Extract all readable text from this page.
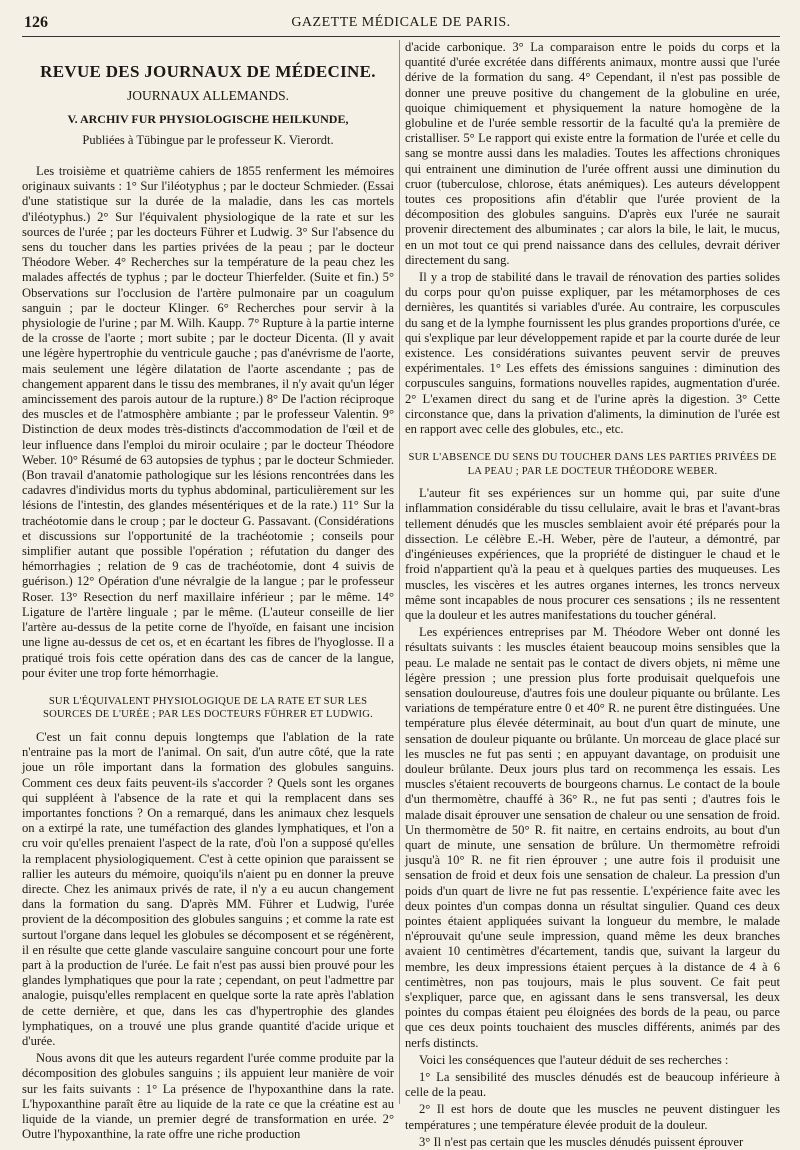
126	GAZETTE MÉDICALE DE PARIS.
REVUE DES JOURNAUX DE MÉDECINE.
JOURNAUX ALLEMANDS.
V. ARCHIV FUR PHYSIOLOGISCHE HEILKUNDE,
Publiées à Tübingue par le professeur K. Vierordt.

Les troisième et quatrième cahiers de 1855 renferment les mémoires originaux suivants : 1° Sur l'iléotyphus ; par le docteur Schmieder. (Essai d'une statistique sur la durée de la maladie, dans les cas mortels d'iléotyphus.) 2° Sur l'équivalent physiologique de la rate et sur les sources de l'urée ; par les docteurs Führer et Ludwig. 3° Sur l'absence du sens du toucher dans les parties privées de la peau ; par le docteur Théodore Weber. 4° Recherches sur la température de la peau chez les malades affectés de typhus ; par le docteur Thierfelder. (Suite et fin.) 5° Observations sur l'occlusion de l'artère pulmonaire par un coagulum sanguin ; par le docteur Klinger. 6° Recherches pour servir à la physiologie de l'urine ; par M. Wilh. Kaupp. 7° Rupture à la partie interne de la crosse de l'aorte ; mort subite ; par le docteur Dicenta. (Il y avait une légère hypertrophie du ventricule gauche ; pas d'anévrisme de l'aorte, mais seulement une légère dilatation de l'aorte ascendante ; pas de changement apparent dans le tissu des membranes, il n'y avait qu'un léger amincissement des parois autour de la rupture.) 8° De l'action réciproque des muscles et de l'atmosphère ambiante ; par le professeur Valentin. 9° Distinction de deux modes très-distincts d'accommodation de l'œil et de leur influence dans l'emploi du miroir oculaire ; par le docteur Théodore Weber. 10° Résumé de 63 autopsies de typhus ; par le docteur Schmieder. (Bon travail d'anatomie pathologique sur les lésions rencontrées dans les cadavres d'individus morts du typhus abdominal, particulièrement sur les lésions de l'intestin, des glandes mésentériques et de la rate.) 11° Sur la trachéotomie dans le croup ; par le docteur G. Passavant. (Considérations et discussions sur l'opportunité de la trachéotomie ; conseils pour simplifier autant que possible l'opération ; réfutation du danger des hémorrhagies ; relation de 9 cas de trachéotomie, dont 4 suivis de guérison.) 12° Opération d'une névralgie de la langue ; par le professeur Roser. 13° Resection du nerf maxillaire inférieur ; par le même. 14° Ligature de l'artère linguale ; par le même. (L'auteur conseille de lier l'artère au-dessus de la petite corne de l'hyoïde, en faisant une incision une ligne au-dessus de cet os, et en écartant les fibres de l'hyoglosse. Il a pratiqué trois fois cette opération dans des cas de cancer de la langue, pour éviter une trop forte hémorrhagie.

SUR L'ÉQUIVALENT PHYSIOLOGIQUE DE LA RATE ET SUR LES SOURCES DE L'URÉE ; PAR LES DOCTEURS FÜHRER ET LUDWIG.

C'est un fait connu depuis longtemps que l'ablation de la rate n'entraine pas la mort de l'animal. On sait, d'un autre côté, que la rate joue un rôle important dans la formation des globules sanguins. Comment ces deux faits peuvent-ils s'accorder ? Quels sont les organes qui suppléent à l'absence de la rate et qui la remplacent dans ses importantes fonctions ? On a remarqué, dans les animaux chez lesquels on a extirpé la rate, une tuméfaction des glandes lymphatiques, et l'on a cru voir qu'elles prenaient l'aspect de la rate, d'où l'on a supposé qu'elles la remplacent physiologiquement. C'est à cette opinion que paraissent se rallier les auteurs du mémoire, quoiqu'ils n'aient pu en donner la preuve directe. Chez les animaux privés de rate, il n'y a eu aucun changement dans la formation du sang. D'après MM. Führer et Ludwig, l'urée provient de la décomposition des globules sanguins ; et comme la rate est surtout l'organe dans lequel les globules se décomposent et se régénèrent, il en résulte que cette glande vasculaire sanguine concourt pour une forte part à la production de l'urée. Le fait n'est pas aussi bien prouvé pour les glandes lymphatiques que pour la rate ; cependant, on peut l'admettre par analogie, puisqu'elles remplacent en quelque sorte la rate après l'ablation de cette dernière, et que, dans les cas d'hypertrophie des glandes lymphatiques, on a trouvé une plus grande quantité d'acide urique et d'urée.

Nous avons dit que les auteurs regardent l'urée comme produite par la décomposition des globules sanguins ; ils appuient leur manière de voir sur les faits suivants : 1° La présence de l'hypoxanthine dans la rate. L'hypoxanthine paraît être au liquide de la rate ce que la créatine est au liquide de la viande, un premier degré de transformation en urée. 2° Outre l'hypoxanthine, la rate offre une riche production

d'acide carbonique. 3° La comparaison entre le poids du corps et la quantité d'urée excrétée dans différents animaux, montre aussi que l'urée dérive de la formation du sang. 4° Cependant, il n'est pas possible de donner une preuve positive du changement de la globuline en urée, quoique chimiquement et physiquement la nature homogène de la globuline et de l'urée semble ressortir de la faculté qu'a la première de cristalliser. 5° Le rapport qui existe entre la formation de l'urée et celle du sang se montre aussi dans les maladies. Toutes les affections chroniques qui entrainent une diminution de l'urée offrent aussi une diminution du cruor (tuberculose, chlorose, états anémiques). Les auteurs développent toutes ces propositions afin d'établir que l'urée provient de la décomposition des globules sanguins. D'après eux l'urée ne saurait provenir directement des albuminates ; car alors la bile, le lait, le mucus, en un mot tout ce qui prend naissance dans des cellules, devrait dériver directement du sang.

Il y a trop de stabilité dans le travail de rénovation des parties solides du corps pour qu'on puisse expliquer, par les métamorphoses de ces dernières, les quantités si variables d'urée. Au contraire, les corpuscules du sang et de la lymphe fournissent les plus grandes proportions d'urée, ce qui s'explique par leur développement rapide et par la courte durée de leur existence. Les considérations suivantes peuvent servir de preuves expérimentales. 1° Les effets des émissions sanguines : diminution des corpuscules sanguins, formations nouvelles rapides, augmentation d'urée. 2° L'examen direct du sang et de l'urine après la digestion. 3° Cette circonstance que, dans la privation d'aliments, la diminution de l'urée est en rapport avec celle des globules, etc., etc.

SUR L'ABSENCE DU SENS DU TOUCHER DANS LES PARTIES PRIVÉES DE LA PEAU ; PAR LE DOCTEUR THÉODORE WEBER.

L'auteur fit ses expériences sur un homme qui, par suite d'une inflammation considérable du tissu cellulaire, avait le bras et l'avant-bras tellement dénudés que les muscles semblaient avoir été préparés pour la dissection. Le célèbre E.-H. Weber, père de l'auteur, a démontré, par d'ingénieuses expériences, que la propriété de distinguer le chaud et le froid n'appartient qu'à la peau et à quelques parties des muqueuses. Les muscles, les viscères et les autres organes internes, les troncs nerveux même sont incapables de nous procurer ces sensations ; ils ne ressentent que la douleur et les autres manifestations du toucher général.

Les expériences entreprises par M. Théodore Weber ont donné les résultats suivants : les muscles étaient beaucoup moins sensibles que la peau. Le malade ne sentait pas le contact de divers objets, ni même une légère pression ; une pression plus forte produisait quelquefois une sensation douloureuse, d'autres fois une douleur piquante ou brûlante. Les variations de température entre 0 et 40° R. ne purent être distinguées. Une température plus élevée déterminait, au bout d'un quart de minute, une sensation de douleur piquante ou brûlante. Un morceau de glace placé sur les muscles ne fut pas senti ; en appuyant davantage, on produisit une douleur brûlante. Deux jours plus tard on recommença les essais. Les muscles s'étaient recouverts de bourgeons charnus. Le contact de la boule d'un thermomètre, chauffé à 36° R., ne fut pas senti ; d'autres fois le malade disait éprouver une sensation de chaleur ou une sensation de froid. Un thermomètre de 50° R. fit naitre, en certains endroits, au bout d'un quart de minute, une sensation de brûlure. Un thermomètre refroidi jusqu'à 10° R. ne fit rien éprouver ; une autre fois il produisit une sensation de froid et deux fois une sensation de chaleur. La pression d'un poids d'un quart de livre ne fut pas ressentie. L'expérience faite avec les deux pointes d'un compas donna un résultat singulier. Quand ces deux pointes étaient appliquées suivant la longueur du membre, le malade n'éprouvait qu'une seule impression, quand même les deux branches avaient 10 centimètres d'écartement, tandis que, suivant la largeur du membre, les deux impressions étaient perçues à la distance de 4 à 6 centimètres, non pas toujours, mais le plus souvent. Ce fait peut s'expliquer, parce que, en agissant dans le sens transversal, les deux pointes du compas étaient peu éloignées des bords de la peau, ou parce que ces deux points touchaient des muscles différents, animés par des nerfs distincts.

Voici les conséquences que l'auteur déduit de ses recherches :

1° La sensibilité des muscles dénudés est de beaucoup inférieure à celle de la peau.

2° Il est hors de doute que les muscles ne peuvent distinguer les températures ; une température élevée produit de la douleur.

3° Il n'est pas certain que les muscles dénudés puissent éprouver
